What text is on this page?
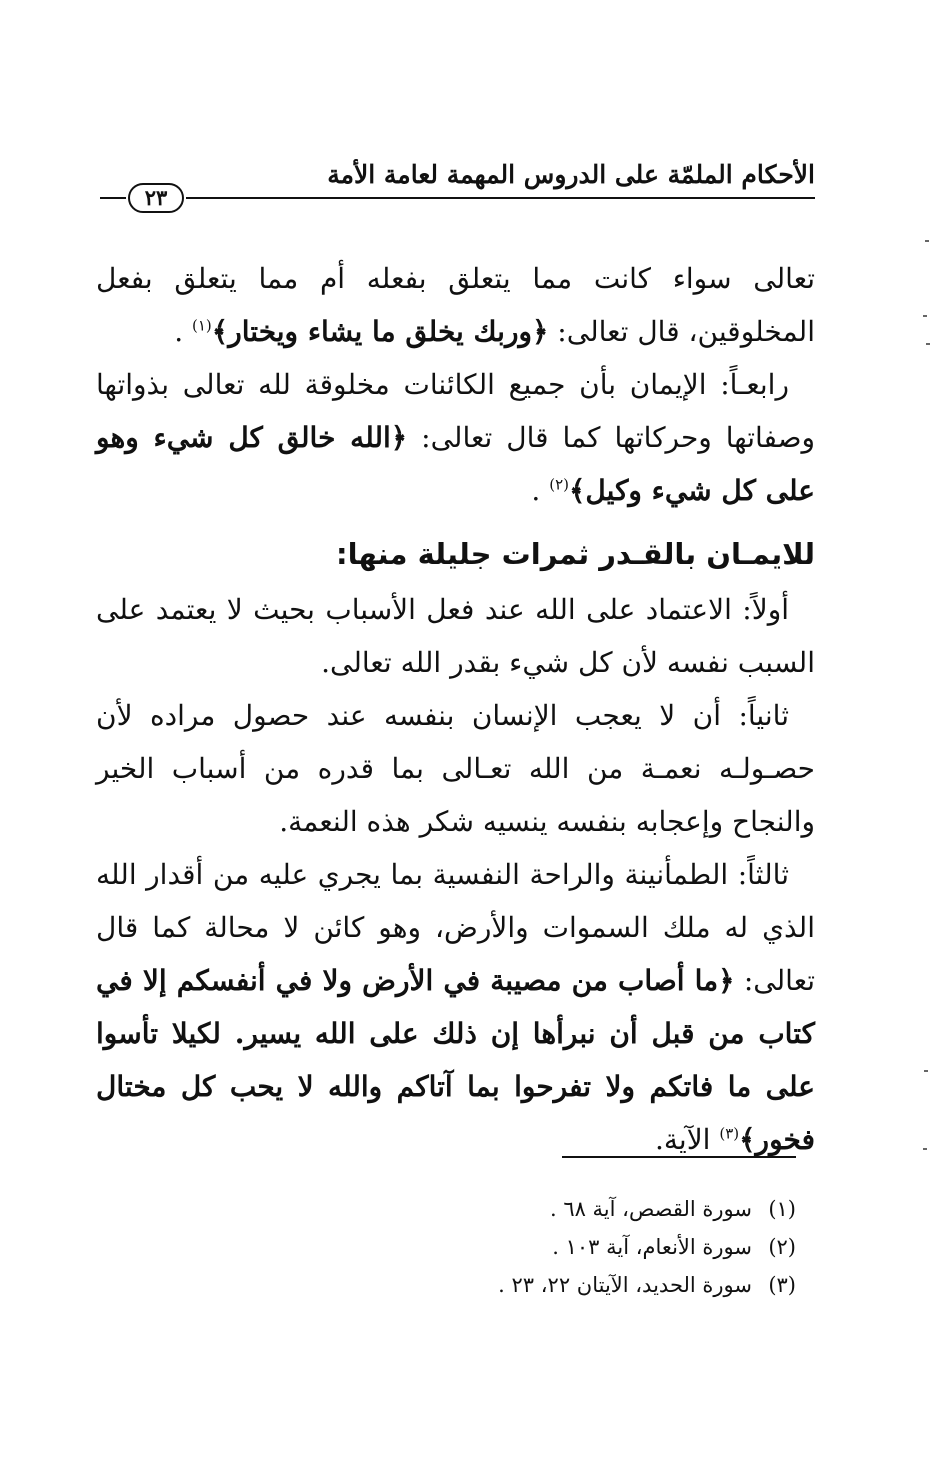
الأحكام الملمّة على الدروس المهمة لعامة الأمة
٢٣

تعالى سواء كانت مما يتعلق بفعله أم مما يتعلق بفعل المخلوقين، قال تعالى: ﴿وربك يخلق ما يشاء ويختار﴾$^{(١)}$ .

رابعـاً: الإيمان بأن جميع الكائنات مخلوقة لله تعالى بذواتها وصفاتها وحركاتها كما قال تعالى: ﴿الله خالق كل شيء وهو على كل شيء وكيل﴾$^{(٢)}$ .

للايمـان بالقـدر ثمرات جليلة منها:

أولاً: الاعتماد على الله عند فعل الأسباب بحيث لا يعتمد على السبب نفسه لأن كل شيء بقدر الله تعالى.

ثانياً: أن لا يعجب الإنسان بنفسه عند حصول مراده لأن حصـولـه نعمـة من الله تعـالى بما قدره من أسباب الخير والنجاح وإعجابه بنفسه ينسيه شكر هذه النعمة.

ثالثاً: الطمأنينة والراحة النفسية بما يجري عليه من أقدار الله الذي له ملك السموات والأرض، وهو كائن لا محالة كما قال تعالى: ﴿ما أصاب من مصيبة في الأرض ولا في أنفسكم إلا في كتاب من قبل أن نبرأها إن ذلك على الله يسير. لكيلا تأسوا على ما فاتكم ولا تفرحوا بما آتاكم والله لا يحب كل مختال فخور﴾$^{(٣)}$ الآية.

(١)سورة القصص، آية ٦٨ .

(٢)سورة الأنعام، آية ١٠٣ .

(٣)سورة الحديد، الآيتان ٢٢، ٢٣ .
